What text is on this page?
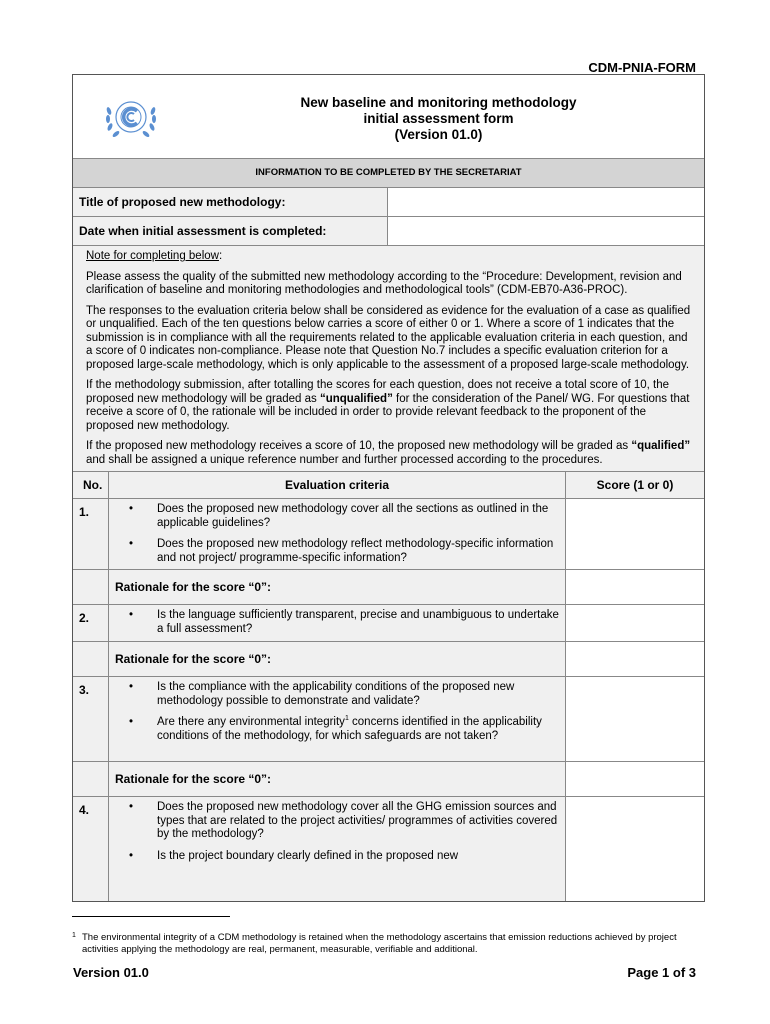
CDM-PNIA-FORM
New baseline and monitoring methodology
initial assessment form
(Version 01.0)
INFORMATION TO BE COMPLETED BY THE SECRETARIAT
Title of proposed new methodology:
Date when initial assessment is completed:

Note for completing below:

Please assess the quality of the submitted new methodology according to the “Procedure: Development, revision and clarification of baseline and monitoring methodologies and methodological tools” (CDM-EB70-A36-PROC).

The responses to the evaluation criteria below shall be considered as evidence for the evaluation of a case as qualified or unqualified. Each of the ten questions below carries a score of either 0 or 1. Where a score of 1 indicates that the submission is in compliance with all the requirements related to the applicable evaluation criteria in each question, and a score of 0 indicates non-compliance. Please note that Question No.7 includes a specific evaluation criterion for a proposed large-scale methodology, which is only applicable to the assessment of a proposed large-scale methodology.

If the methodology submission, after totalling the scores for each question, does not receive a total score of 10, the proposed new methodology will be graded as “unqualified” for the consideration of the Panel/ WG. For questions that receive a score of 0, the rationale will be included in order to provide relevant feedback to the proponent of the proposed new methodology.

If the proposed new methodology receives a score of 10, the proposed new methodology will be graded as “qualified” and shall be assigned a unique reference number and further processed according to the procedures.

No.	Evaluation criteria	Score (1 or 0)
1.	• Does the proposed new methodology cover all the sections as outlined in the applicable guidelines?
• Does the proposed new methodology reflect methodology-specific information and not project/ programme-specific information?
Rationale for the score “0”:
2.	• Is the language sufficiently transparent, precise and unambiguous to undertake a full assessment?
Rationale for the score “0”:
3.	• Is the compliance with the applicability conditions of the proposed new methodology possible to demonstrate and validate?
• Are there any environmental integrity$^1$ concerns identified in the applicability conditions of the methodology, for which safeguards are not taken?
Rationale for the score “0”:
4.	• Does the proposed new methodology cover all the GHG emission sources and types that are related to the project activities/ programmes of activities covered by the methodology?
• Is the project boundary clearly defined in the proposed new
1 The environmental integrity of a CDM methodology is retained when the methodology ascertains that emission reductions achieved by project activities applying the methodology are real, permanent, measurable, verifiable and additional.
Version 01.0	Page 1 of 3
